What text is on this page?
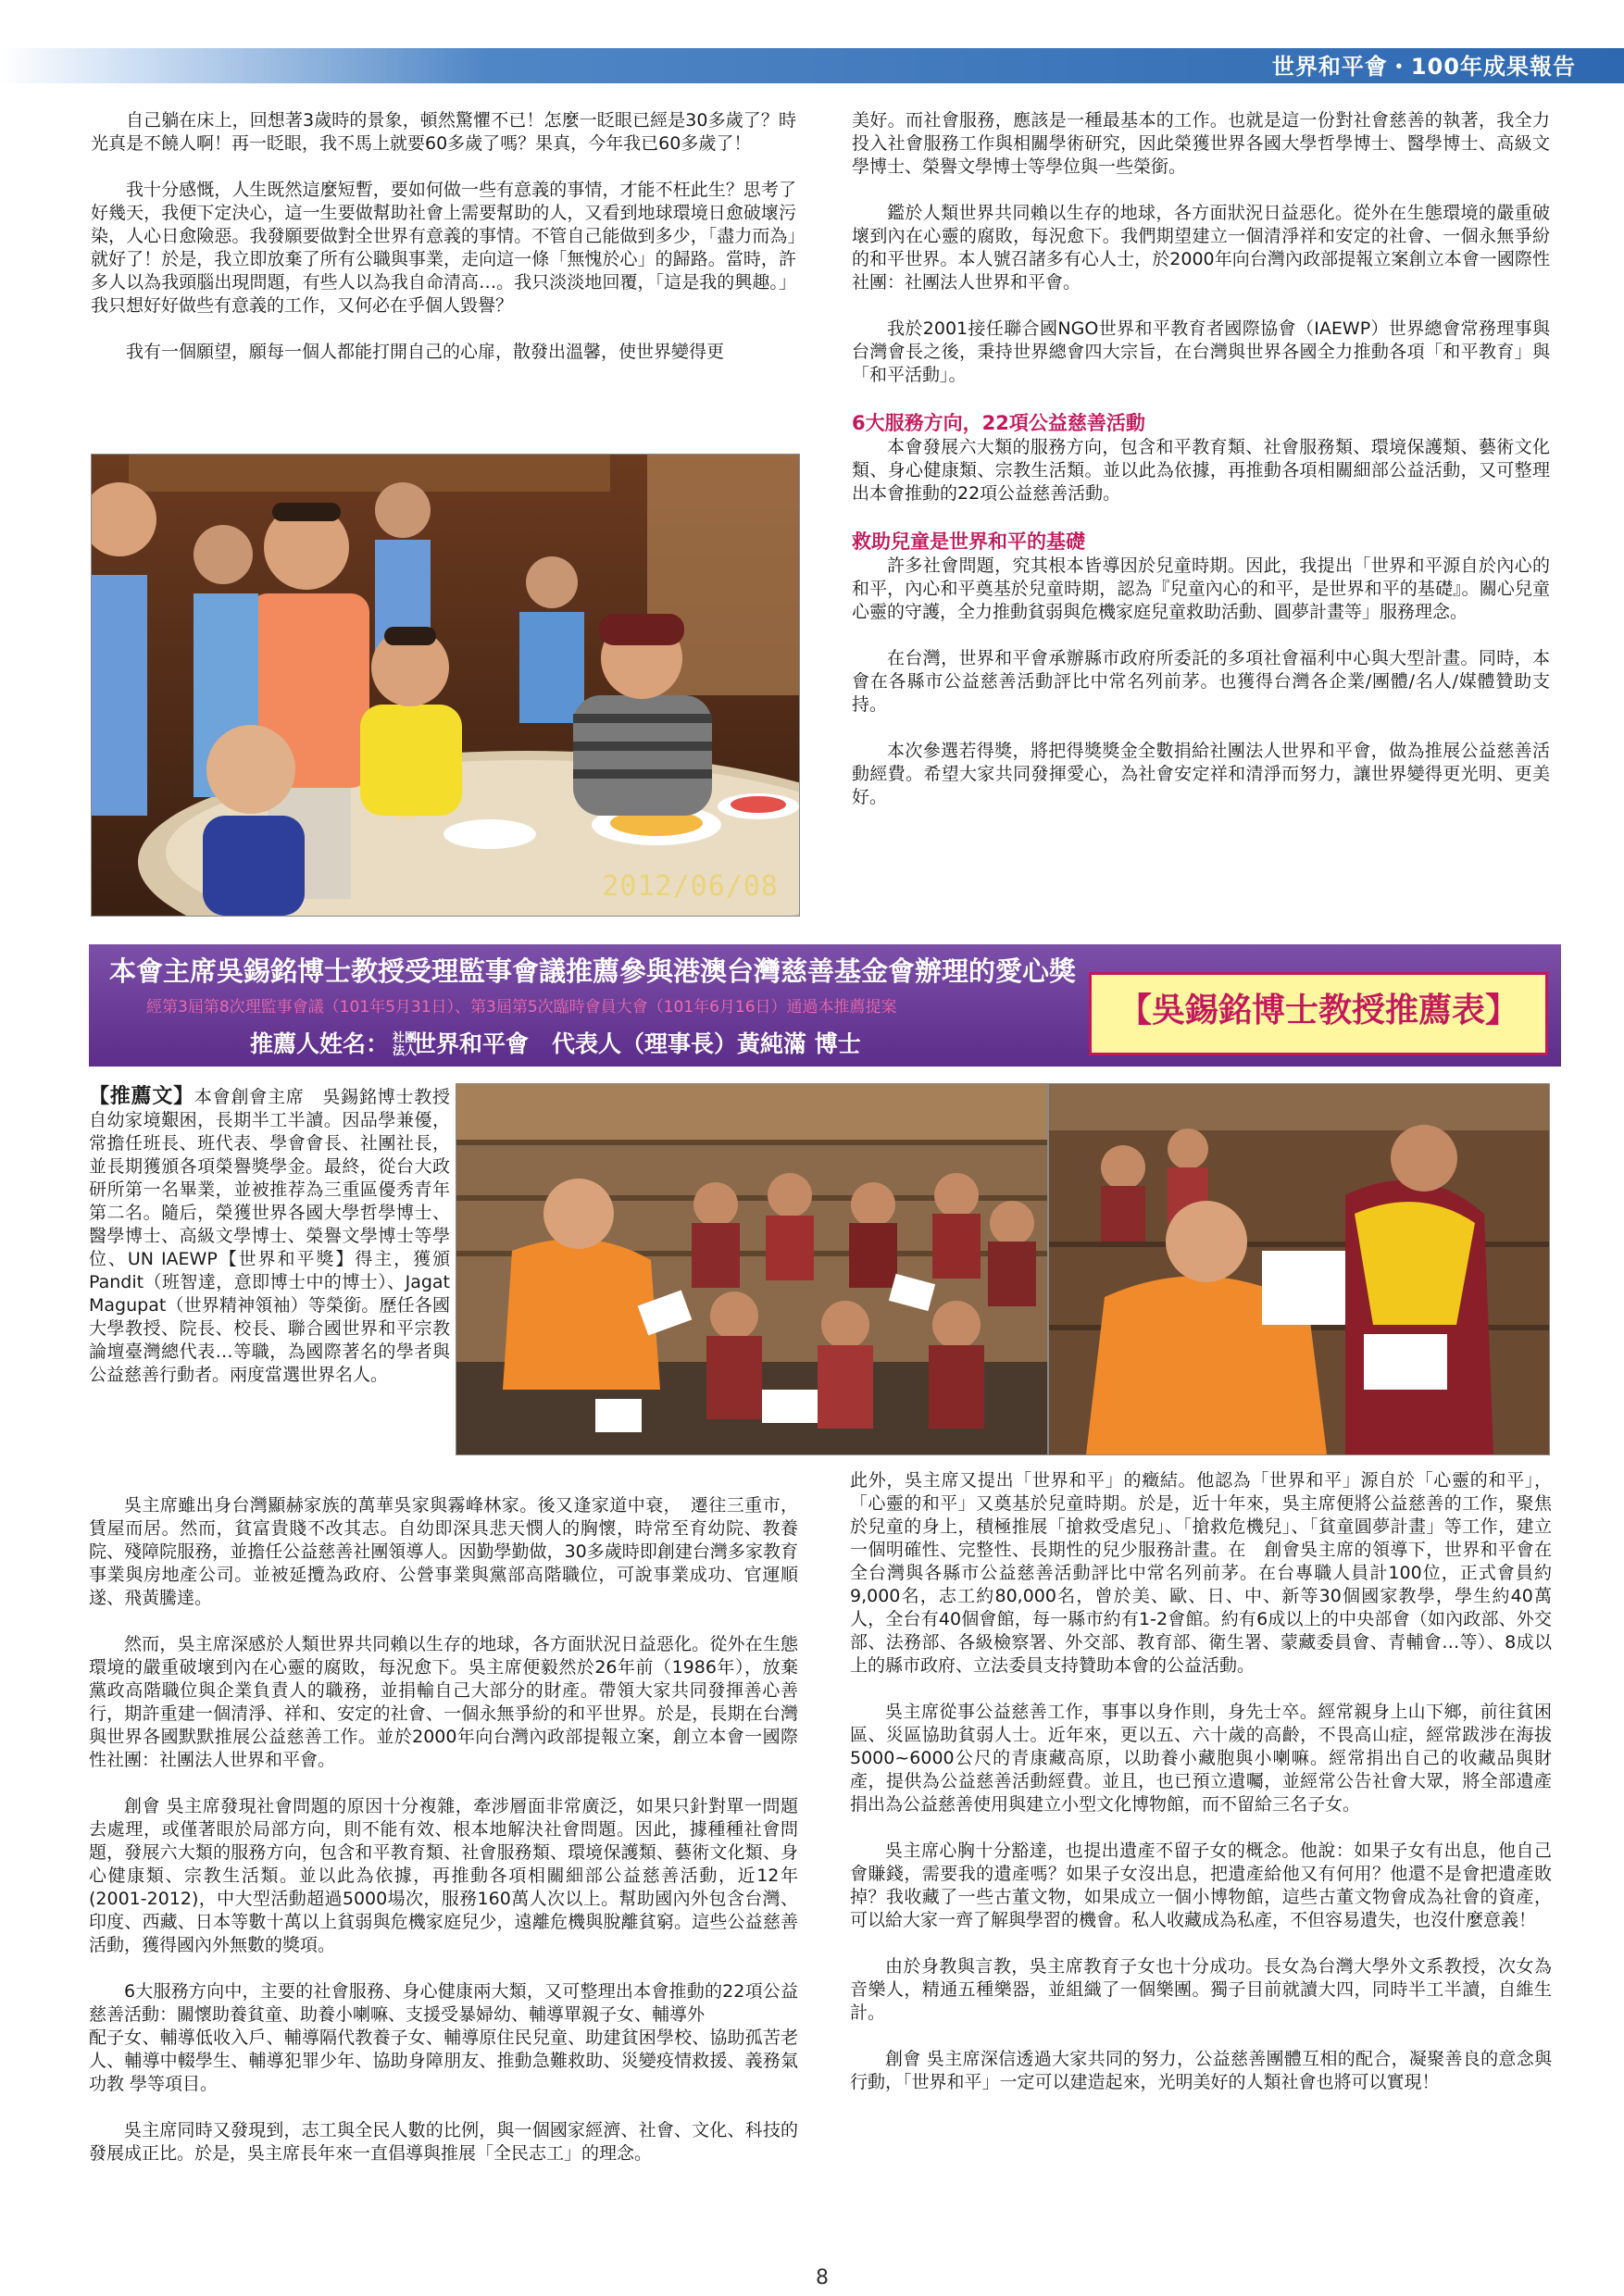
世界和平會・100年成果報告

自己躺在床上，回想著3歲時的景象，頓然驚懼不已！怎麼一眨眼已經是30多歲了？時光真是不饒人啊！再一眨眼，我不馬上就要60多歲了嗎？果真，今年我已60多歲了！

我十分感慨，人生既然這麼短暫，要如何做一些有意義的事情，才能不枉此生？思考了好幾天，我便下定決心，這一生要做幫助社會上需要幫助的人，又看到地球環境日愈破壞污染，人心日愈險惡。我發願要做對全世界有意義的事情。不管自己能做到多少，「盡力而為」就好了！於是，我立即放棄了所有公職與事業，走向這一條「無愧於心」的歸路。當時，許多人以為我頭腦出現問題，有些人以為我自命清高…。我只淡淡地回覆，「這是我的興趣。」我只想好好做些有意義的工作，又何必在乎個人毀譽？

我有一個願望，願每一個人都能打開自己的心扉，散發出溫馨，使世界變得更

2012/06/08

美好。而社會服務，應該是一種最基本的工作。也就是這一份對社會慈善的執著，我全力投入社會服務工作與相關學術研究，因此榮獲世界各國大學哲學博士、醫學博士、高級文學博士、榮譽文學博士等學位與一些榮銜。

鑑於人類世界共同賴以生存的地球，各方面狀況日益惡化。從外在生態環境的嚴重破壞到內在心靈的腐敗，每況愈下。我們期望建立一個清淨祥和安定的社會、一個永無爭紛的和平世界。本人號召諸多有心人士，於2000年向台灣內政部提報立案創立本會一國際性社團：社團法人世界和平會。

我於2001接任聯合國NGO世界和平教育者國際協會（IAEWP）世界總會常務理事與台灣會長之後，秉持世界總會四大宗旨，在台灣與世界各國全力推動各項「和平教育」與「和平活動」。

6大服務方向，22項公益慈善活動

本會發展六大類的服務方向，包含和平教育類、社會服務類、環境保護類、藝術文化類、身心健康類、宗教生活類。並以此為依據，再推動各項相關細部公益活動，又可整理出本會推動的22項公益慈善活動。

救助兒童是世界和平的基礎

許多社會問題，究其根本皆導因於兒童時期。因此，我提出「世界和平源自於內心的和平，內心和平奠基於兒童時期，認為『兒童內心的和平，是世界和平的基礎』。關心兒童心靈的守護，全力推動貧弱與危機家庭兒童救助活動、圓夢計畫等」服務理念。

在台灣，世界和平會承辦縣市政府所委託的多項社會福利中心與大型計畫。同時，本會在各縣市公益慈善活動評比中常名列前茅。也獲得台灣各企業/團體/名人/媒體贊助支持。

本次參選若得獎，將把得獎獎金全數捐給社團法人世界和平會，做為推展公益慈善活動經費。希望大家共同發揮愛心，為社會安定祥和清淨而努力，讓世界變得更光明、更美好。

本會主席吳錫銘博士教授受理監事會議推薦參與港澳台灣慈善基金會辦理的愛心獎
經第3屆第8次理監事會議（101年5月31日）、第3屆第5次臨時會員大會（101年6月16日）通過本推薦提案
推薦人姓名： 社團
法人世界和平會　代表人（理事長）黃純滿 博士
【吳錫銘博士教授推薦表】

【推薦文】本會創會主席　吳錫銘博士教授自幼家境艱困，長期半工半讀。因品學兼優，常擔任班長、班代表、學會會長、社團社長，並長期獲頒各項榮譽獎學金。最終，從台大政研所第一名畢業，並被推荐為三重區優秀青年第二名。隨后，榮獲世界各國大學哲學博士、醫學博士、高級文學博士、榮譽文學博士等學位、UN IAEWP【世界和平獎】得主，獲頒Pandit（班智達，意即博士中的博士）、Jagat Magupat（世界精神領袖）等榮銜。歷任各國大學教授、院長、校長、聯合國世界和平宗教論壇臺灣總代表…等職，為國際著名的學者與公益慈善行動者。兩度當選世界名人。

吳主席雖出身台灣顯赫家族的萬華吳家與霧峰林家。後又逢家道中衰，　遷往三重市，賃屋而居。然而，貧富貴賤不改其志。自幼即深具悲天憫人的胸懷，時常至育幼院、教養院、殘障院服務，並擔任公益慈善社團領導人。因勤學勤做，30多歲時即創建台灣多家教育事業與房地產公司。並被延攬為政府、公營事業與黨部高階職位，可說事業成功、官運順遂、飛黃騰達。

然而，吳主席深感於人類世界共同賴以生存的地球，各方面狀況日益惡化。從外在生態環境的嚴重破壞到內在心靈的腐敗，每況愈下。吳主席便毅然於26年前（1986年），放棄黨政高階職位與企業負責人的職務，並捐輸自己大部分的財產。帶領大家共同發揮善心善行，期許重建一個清淨、祥和、安定的社會、一個永無爭紛的和平世界。於是，長期在台灣與世界各國默默推展公益慈善工作。並於2000年向台灣內政部提報立案，創立本會一國際性社團：社團法人世界和平會。

創會 吳主席發現社會問題的原因十分複雜，牽涉層面非常廣泛，如果只針對單一問題去處理，或僅著眼於局部方向，則不能有效、根本地解決社會問題。因此，據種種社會問題，發展六大類的服務方向，包含和平教育類、社會服務類、環境保護類、藝術文化類、身心健康類、宗教生活類。並以此為依據，再推動各項相關細部公益慈善活動，近12年(2001-2012)，中大型活動超過5000場次，服務160萬人次以上。幫助國內外包含台灣、印度、西藏、日本等數十萬以上貧弱與危機家庭兒少，遠離危機與脫離貧窮。這些公益慈善活動，獲得國內外無數的獎項。

6大服務方向中，主要的社會服務、身心健康兩大類，又可整理出本會推動的22項公益慈善活動：關懷助養貧童、助養小喇嘛、支援受暴婦幼、輔導單親子女、輔導外

配子女、輔導低收入戶、輔導隔代教養子女、輔導原住民兒童、助建貧困學校、協助孤苦老人、輔導中輟學生、輔導犯罪少年、協助身障朋友、推動急難救助、災變疫情救援、義務氣功教 學等項目。

吳主席同時又發現到，志工與全民人數的比例，與一個國家經濟、社會、文化、科技的發展成正比。於是，吳主席長年來一直倡導與推展「全民志工」的理念。

此外，吳主席又提出「世界和平」的癥結。他認為「世界和平」源自於「心靈的和平」，「心靈的和平」又奠基於兒童時期。於是，近十年來，吳主席便將公益慈善的工作，聚焦於兒童的身上，積極推展「搶救受虐兒」、「搶救危機兒」、「貧童圓夢計畫」等工作，建立一個明確性、完整性、長期性的兒少服務計畫。在　創會吳主席的領導下，世界和平會在全台灣與各縣市公益慈善活動評比中常名列前茅。在台專職人員計100位，正式會員約9,000名，志工約80,000名，曾於美、歐、日、中、新等30個國家教學，學生約40萬人，全台有40個會館，每一縣市約有1-2會館。約有6成以上的中央部會（如內政部、外交部、法務部、各級檢察署、外交部、教育部、衛生署、蒙藏委員會、青輔會…等）、8成以上的縣市政府、立法委員支持贊助本會的公益活動。

吳主席從事公益慈善工作，事事以身作則，身先士卒。經常親身上山下鄉，前往貧困區、災區協助貧弱人士。近年來，更以五、六十歲的高齡，不畏高山症，經常跋涉在海拔5000~6000公尺的青康藏高原，以助養小藏胞與小喇嘛。經常捐出自己的收藏品與財產，提供為公益慈善活動經費。並且，也已預立遺囑，並經常公告社會大眾，將全部遺產捐出為公益慈善使用與建立小型文化博物館，而不留給三名子女。

吳主席心胸十分豁達，也提出遺產不留子女的概念。他說：如果子女有出息，他自己會賺錢，需要我的遺產嗎？如果子女沒出息，把遺產給他又有何用？他還不是會把遺產敗掉？我收藏了一些古董文物，如果成立一個小博物館，這些古董文物會成為社會的資產，可以給大家一齊了解與學習的機會。私人收藏成為私產，不但容易遺失，也沒什麼意義！

由於身教與言教，吳主席教育子女也十分成功。長女為台灣大學外文系教授，次女為音樂人，精通五種樂器，並組織了一個樂團。獨子目前就讀大四，同時半工半讀，自維生計。

創會 吳主席深信透過大家共同的努力，公益慈善團體互相的配合，凝聚善良的意念與行動，「世界和平」一定可以建造起來，光明美好的人類社會也將可以實現！

8
